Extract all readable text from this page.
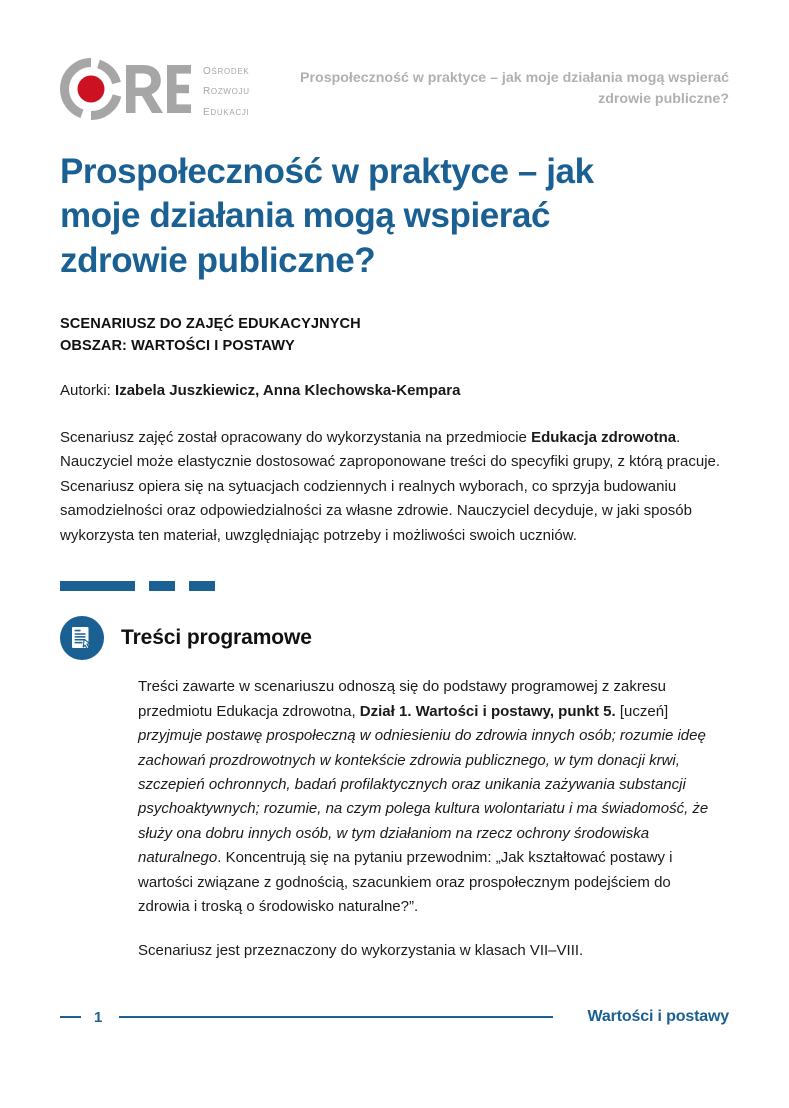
ośrodek
rozwoju
edukacji
Prospołeczność w praktyce – jak moje działania mogą wspierać zdrowie publiczne?
Prospołeczność w praktyce – jak moje działania mogą wspierać zdrowie publiczne?
SCENARIUSZ DO ZAJĘĆ EDUKACYJNYCH
OBSZAR: WARTOŚCI I POSTAWY
Autorki: Izabela Juszkiewicz, Anna Klechowska-Kempara

Scenariusz zajęć został opracowany do wykorzystania na przedmiocie Edukacja zdrowotna. Nauczyciel może elastycznie dostosować zaproponowane treści do specyfiki grupy, z którą pracuje. Scenariusz opiera się na sytuacjach codziennych i realnych wyborach, co sprzyja budowaniu samodzielności oraz odpowiedzialności za własne zdrowie. Nauczyciel decyduje, w jaki sposób wykorzysta ten materiał, uwzględniając potrzeby i możliwości swoich uczniów.

Treści programowe

Treści zawarte w scenariuszu odnoszą się do podstawy programowej z zakresu przedmiotu Edukacja zdrowotna, Dział 1. Wartości i postawy, punkt 5. [uczeń] przyjmuje postawę prospołeczną w odniesieniu do zdrowia innych osób; rozumie ideę zachowań prozdrowotnych w kontekście zdrowia publicznego, w tym donacji krwi, szczepień ochronnych, badań profilaktycznych oraz unikania zażywania substancji psychoaktywnych; rozumie, na czym polega kultura wolontariatu i ma świadomość, że służy ona dobru innych osób, w tym działaniom na rzecz ochrony środowiska naturalnego. Koncentrują się na pytaniu przewodnim: „Jak kształtować postawy i wartości związane z godnością, szacunkiem oraz prospołecznym podejściem do zdrowia i troską o środowisko naturalne?”.

Scenariusz jest przeznaczony do wykorzystania w klasach VII–VIII.

1	Wartości i postawy
